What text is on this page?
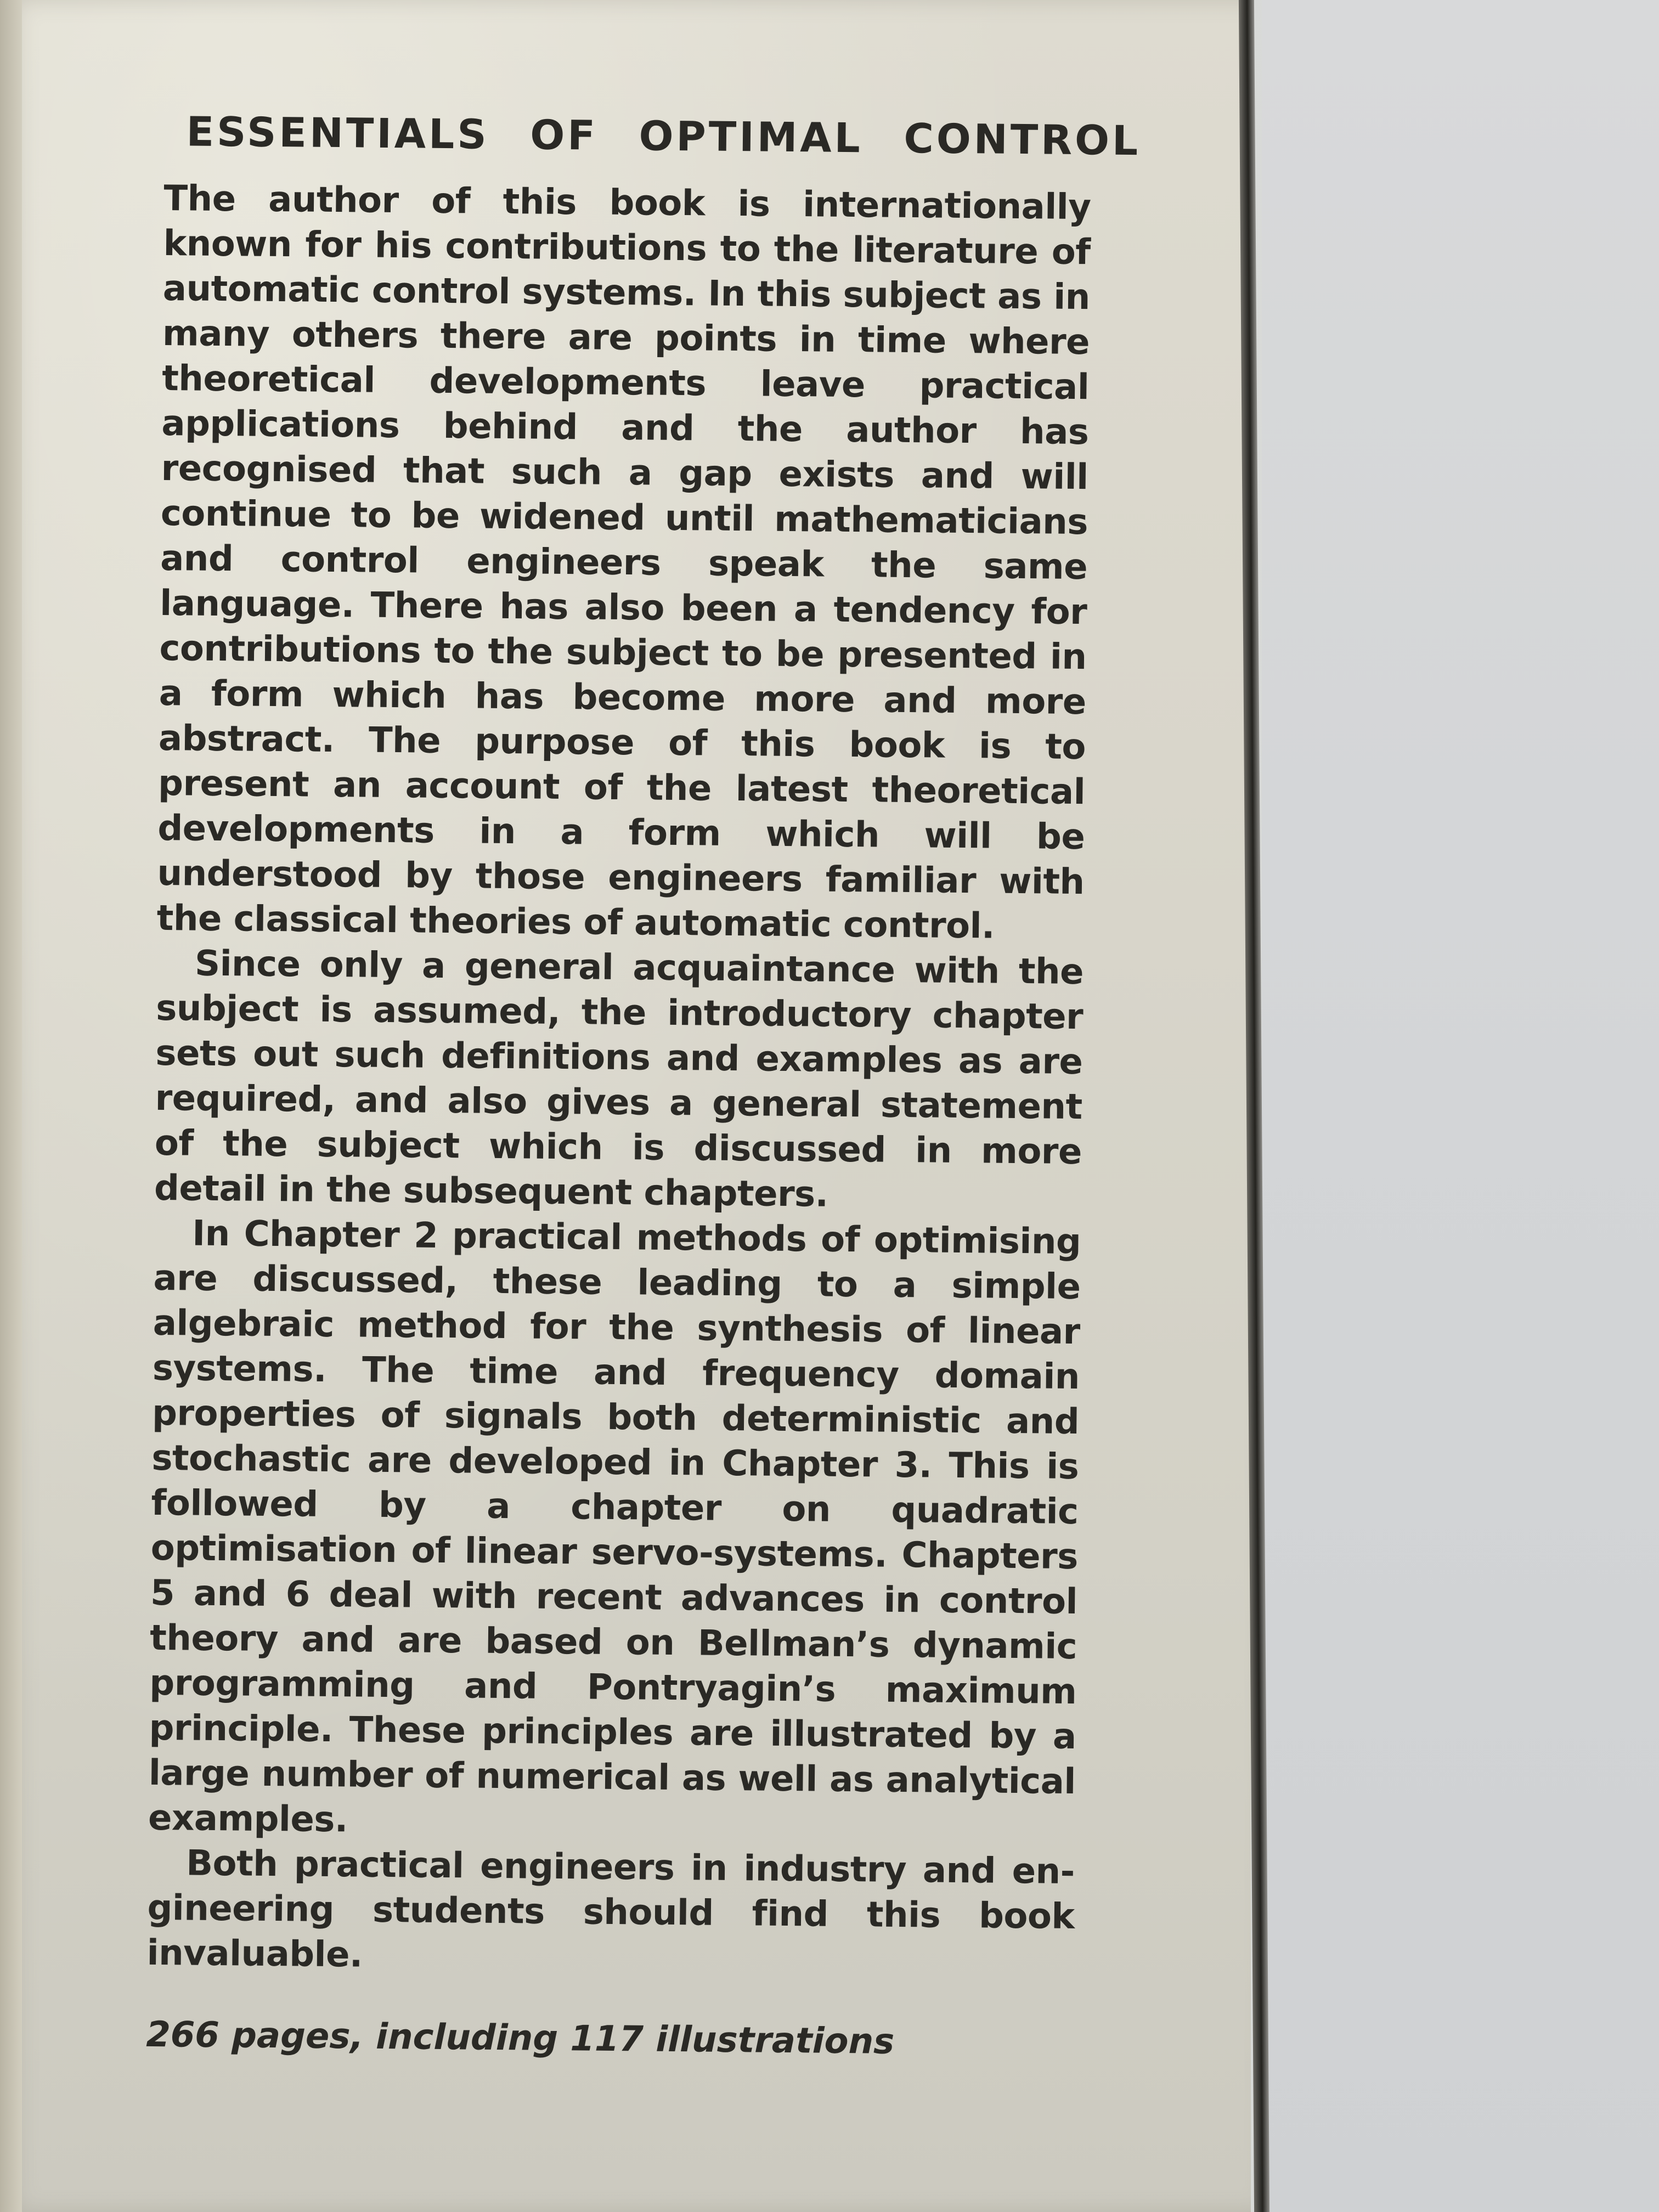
ESSENTIALS OF OPTIMAL CONTROL

The author of this book is internationally known for his contributions to the literature of automatic control systems. In this subject as in many others there are points in time where theoretical developments leave practical applications behind and the author has recognised that such a gap exists and will continue to be widened until mathematicians and control engineers speak the same language. There has also been a tendency for contributions to the subject to be presented in a form which has become more and more abstract. The purpose of this book is to present an account of the latest theoretical developments in a form which will be understood by those engineers familiar with the classical theories of automatic control.

Since only a general acquaintance with the subject is assumed, the introductory chapter sets out such definitions and examples as are required, and also gives a general statement of the subject which is discussed in more detail in the subsequent chapters.

In Chapter 2 practical methods of optimising are discussed, these leading to a simple algebraic method for the synthesis of linear systems. The time and frequency domain properties of signals both deterministic and stochastic are developed in Chapter 3. This is followed by a chapter on quadratic optimisation of linear servo-systems. Chapters 5 and 6 deal with recent advances in control theory and are based on Bellman’s dynamic programming and Pontryagin’s maximum principle. These principles are illustrated by a large number of numerical as well as analytical examples.

Both practical engineers in industry and engineering students should find this book invaluable.

266 pages, including 117 illustrations
